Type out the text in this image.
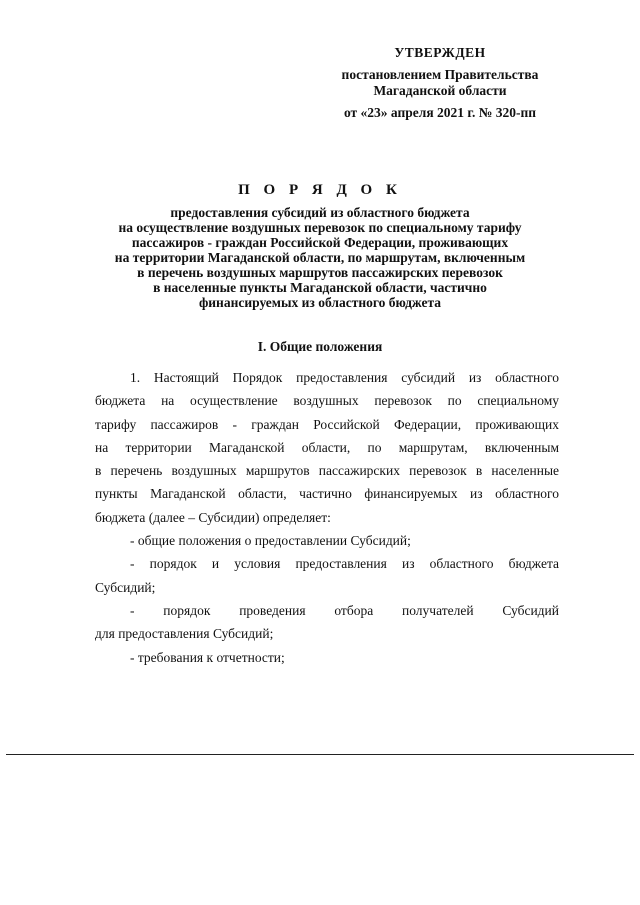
УТВЕРЖДЕН
постановлением Правительства
Магаданской области
от «23» апреля 2021 г. № 320-пп
П О Р Я Д О К
предоставления субсидий из областного бюджета
на осуществление воздушных перевозок по специальному тарифу
пассажиров - граждан Российской Федерации, проживающих
на территории Магаданской области, по маршрутам, включенным
в перечень воздушных маршрутов пассажирских перевозок
в населенные пункты Магаданской области, частично
финансируемых из областного бюджета
I. Общие положения
1. Настоящий Порядок предоставления субсидий из областного
бюджета на осуществление воздушных перевозок по специальному
тарифу пассажиров - граждан Российской Федерации, проживающих
на территории Магаданской области, по маршрутам, включенным
в перечень воздушных маршрутов пассажирских перевозок в населенные
пункты Магаданской области, частично финансируемых из областного
бюджета (далее – Субсидии) определяет:
- общие положения о предоставлении Субсидий;
- порядок и условия предоставления из областного бюджета
Субсидий;
- порядок проведения отбора получателей Субсидий
для предоставления Субсидий;
- требования к отчетности;
